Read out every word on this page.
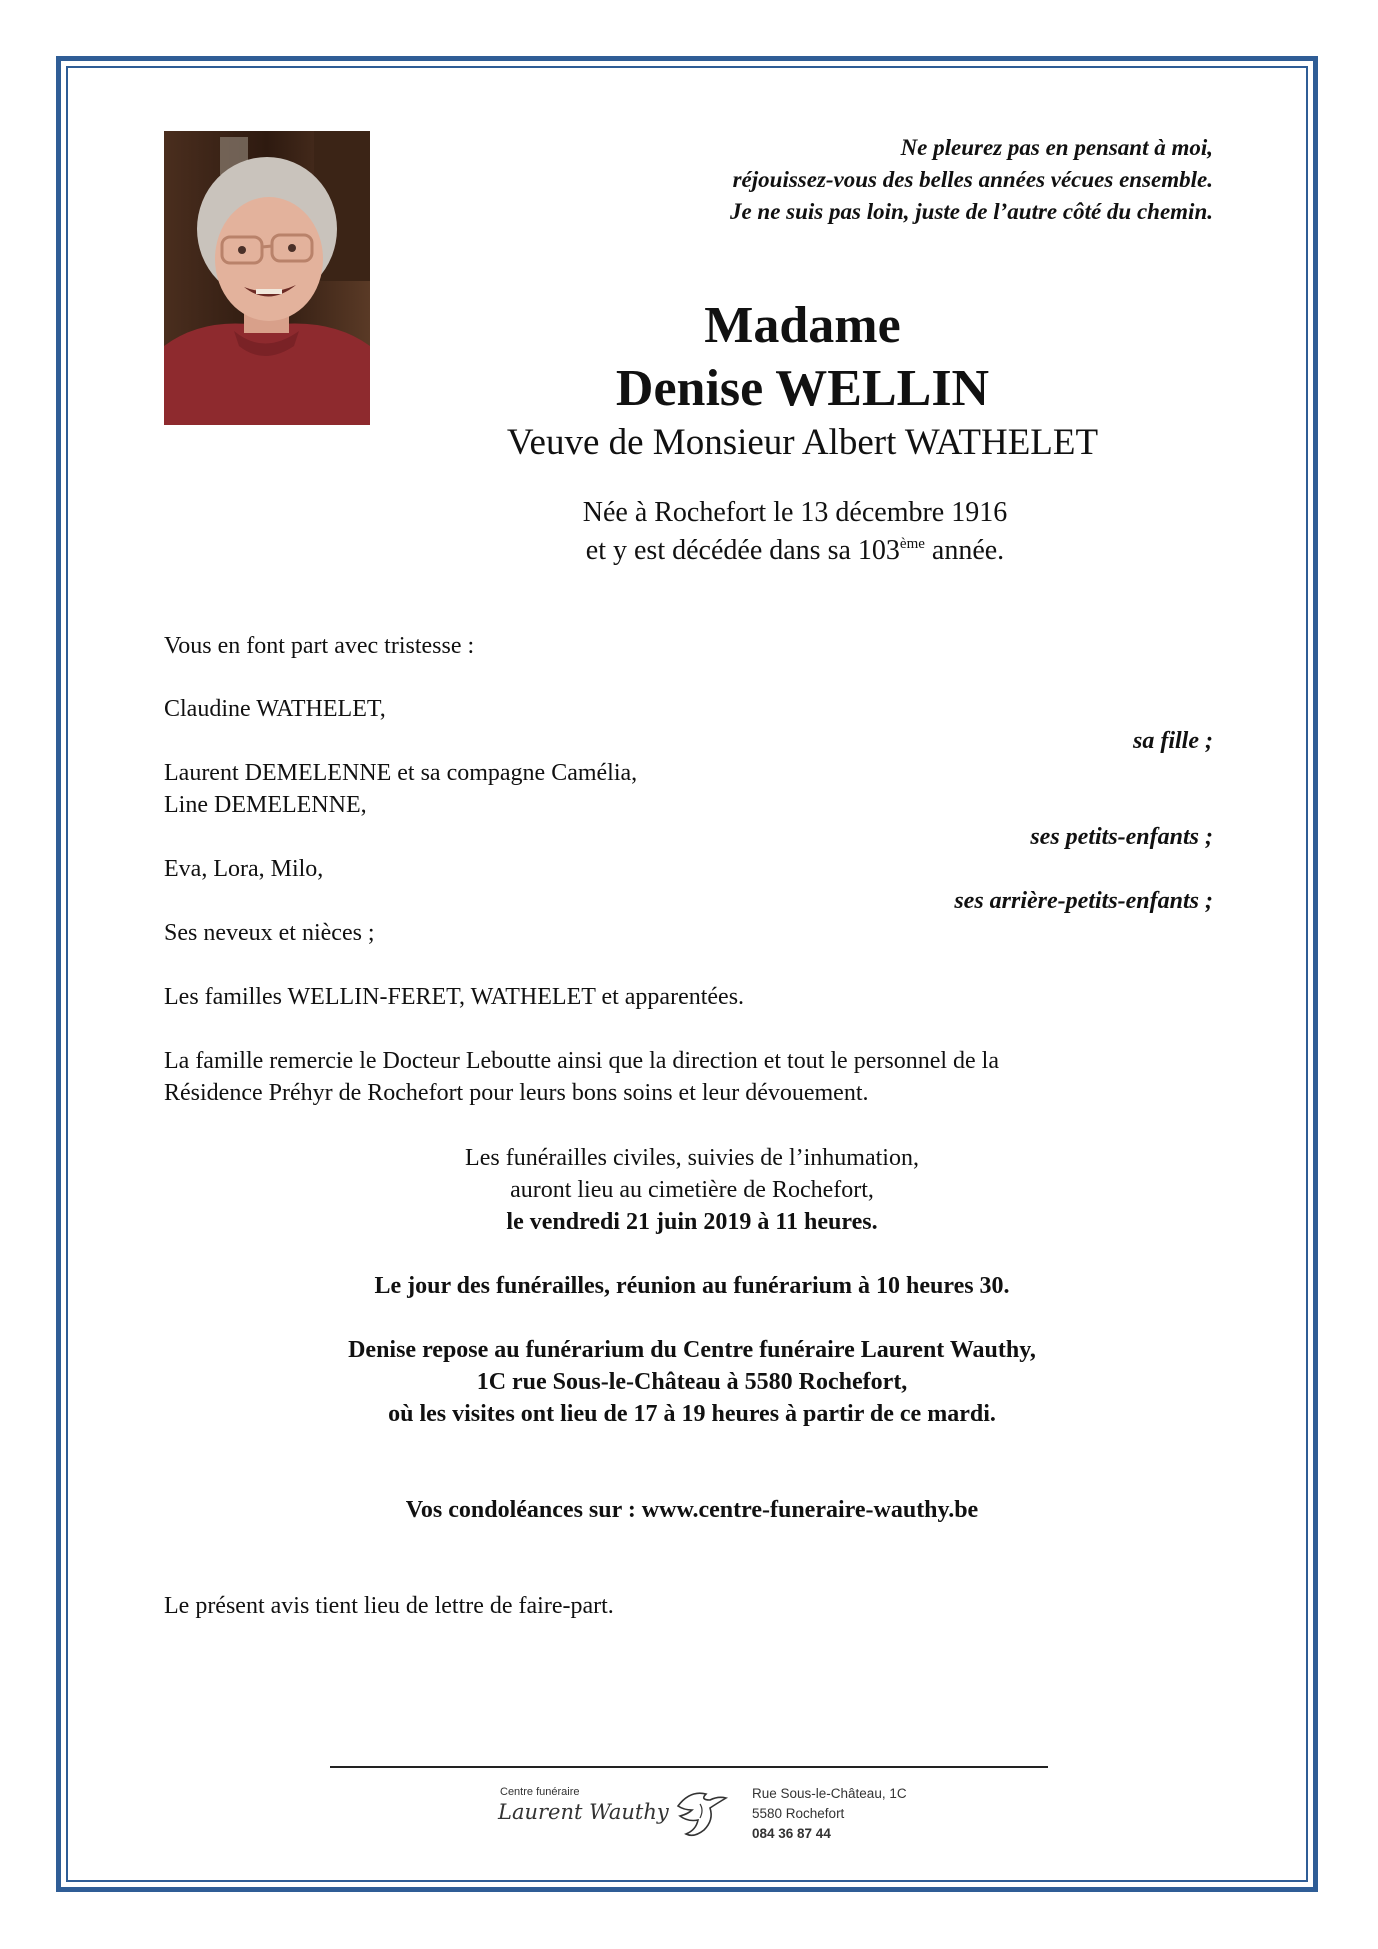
Ne pleurez pas en pensant à moi,
réjouissez-vous des belles années vécues ensemble.
Je ne suis pas loin, juste de l’autre côté du chemin.
Madame
Denise WELLIN
Veuve de Monsieur Albert WATHELET
Née à Rochefort le 13 décembre 1916
et y est décédée dans sa 103ème année.
Vous en font part avec tristesse :
Claudine WATHELET,
sa fille ;
Laurent DEMELENNE et sa compagne Camélia,
Line DEMELENNE,
ses petits-enfants ;
Eva, Lora, Milo,
ses arrière-petits-enfants ;
Ses neveux et nièces ;
Les familles WELLIN-FERET, WATHELET et apparentées.
La famille remercie le Docteur Leboutte ainsi que la direction et tout le personnel de la
Résidence Préhyr de Rochefort pour leurs bons soins et leur dévouement.
Les funérailles civiles, suivies de l’inhumation,
auront lieu au cimetière de Rochefort,
le vendredi 21 juin 2019 à 11 heures.
Le jour des funérailles, réunion au funérarium à 10 heures 30.
Denise repose au funérarium du Centre funéraire Laurent Wauthy,
1C rue Sous-le-Château à 5580 Rochefort,
où les visites ont lieu de 17 à 19 heures à partir de ce mardi.
Vos condoléances sur : www.centre-funeraire-wauthy.be
Le présent avis tient lieu de lettre de faire-part.
Centre funéraire
Laurent Wauthy
Rue Sous-le-Château, 1C
5580 Rochefort
084 36 87 44
